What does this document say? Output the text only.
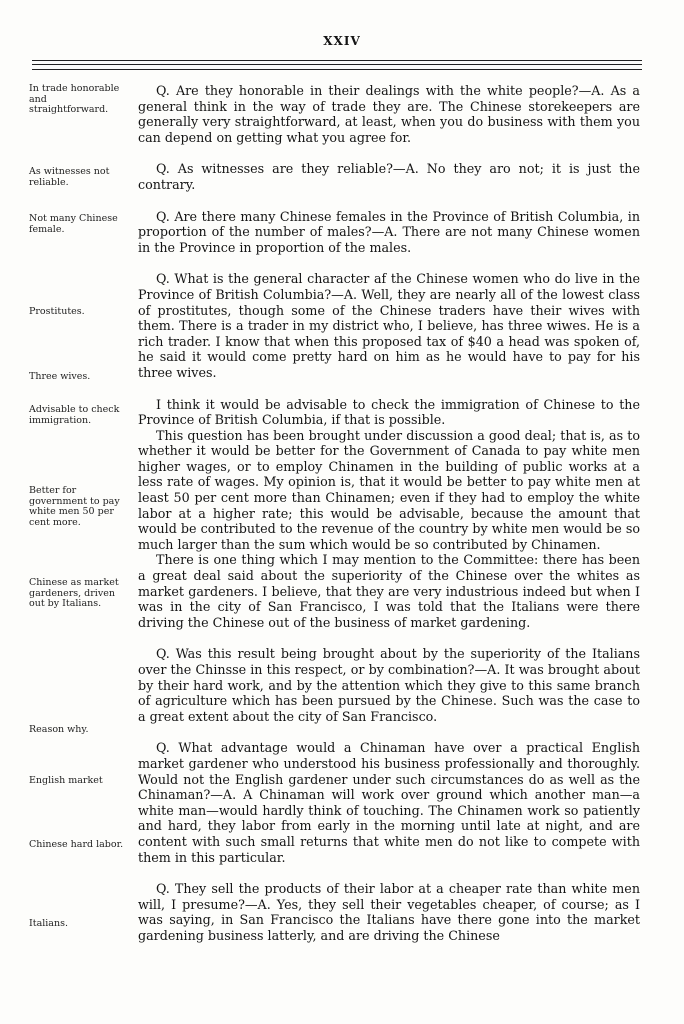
XXIV
In trade honorable and straightforward.
As witnesses not reliable.
Not many Chinese female.
Prostitutes.
Three wives.
Advisable to check immigration.
Better for government to pay white men 50 per cent more.
Chinese as market gardeners, driven out by Italians.
Reason why.
English market
Chinese hard labor.
Italians.

Q. Are they honorable in their dealings with the white people?—A. As a general think in the way of trade they are. The Chinese storekeepers are generally very straightforward, at least, when you do business with them you can depend on getting what you agree for.

Q. As witnesses are they reliable?—A. No they aro not; it is just the contrary.

Q. Are there many Chinese females in the Province of British Columbia, in proportion of the number of males?—A. There are not many Chinese women in the Province in proportion of the males.

Q. What is the general character af the Chinese women who do live in the Province of British Columbia?—A. Well, they are nearly all of the lowest class of prostitutes, though some of the Chinese traders have their wives with them. There is a trader in my district who, I believe, has three wiwes. He is a rich trader. I know that when this proposed tax of $40 a head was spoken of, he said it would come pretty hard on him as he would have to pay for his three wives.

I think it would be advisable to check the immigration of Chinese to the Province of British Columbia, if that is possible.

This question has been brought under discussion a good deal; that is, as to whether it would be better for the Government of Canada to pay white men higher wages, or to employ Chinamen in the building of public works at a less rate of wages. My opinion is, that it would be better to pay white men at least 50 per cent more than Chinamen; even if they had to employ the white labor at a higher rate; this would be advisable, because the amount that would be contributed to the revenue of the country by white men would be so much larger than the sum which would be so contributed by Chinamen.

There is one thing which I may mention to the Committee: there has been a great deal said about the superiority of the Chinese over the whites as market gardeners. I believe, that they are very industrious indeed but when I was in the city of San Francisco, I was told that the Italians were there driving the Chinese out of the business of market gardening.

Q. Was this result being brought about by the superiority of the Italians over the Chinsse in this respect, or by combination?—A. It was brought about by their hard work, and by the attention which they give to this same branch of agriculture which has been pursued by the Chinese. Such was the case to a great extent about the city of San Francisco.

Q. What advantage would a Chinaman have over a practical English market gardener who understood his business professionally and thoroughly. Would not the English gardener under such circumstances do as well as the Chinaman?—A. A Chinaman will work over ground which another man—a white man—would hardly think of touching. The Chinamen work so patiently and hard, they labor from early in the morning until late at night, and are content with such small returns that white men do not like to compete with them in this particular.

Q. They sell the products of their labor at a cheaper rate than white men will, I presume?—A. Yes, they sell their vegetables cheaper, of course; as I was saying, in San Francisco the Italians have there gone into the market gardening business latterly, and are driving the Chinese
